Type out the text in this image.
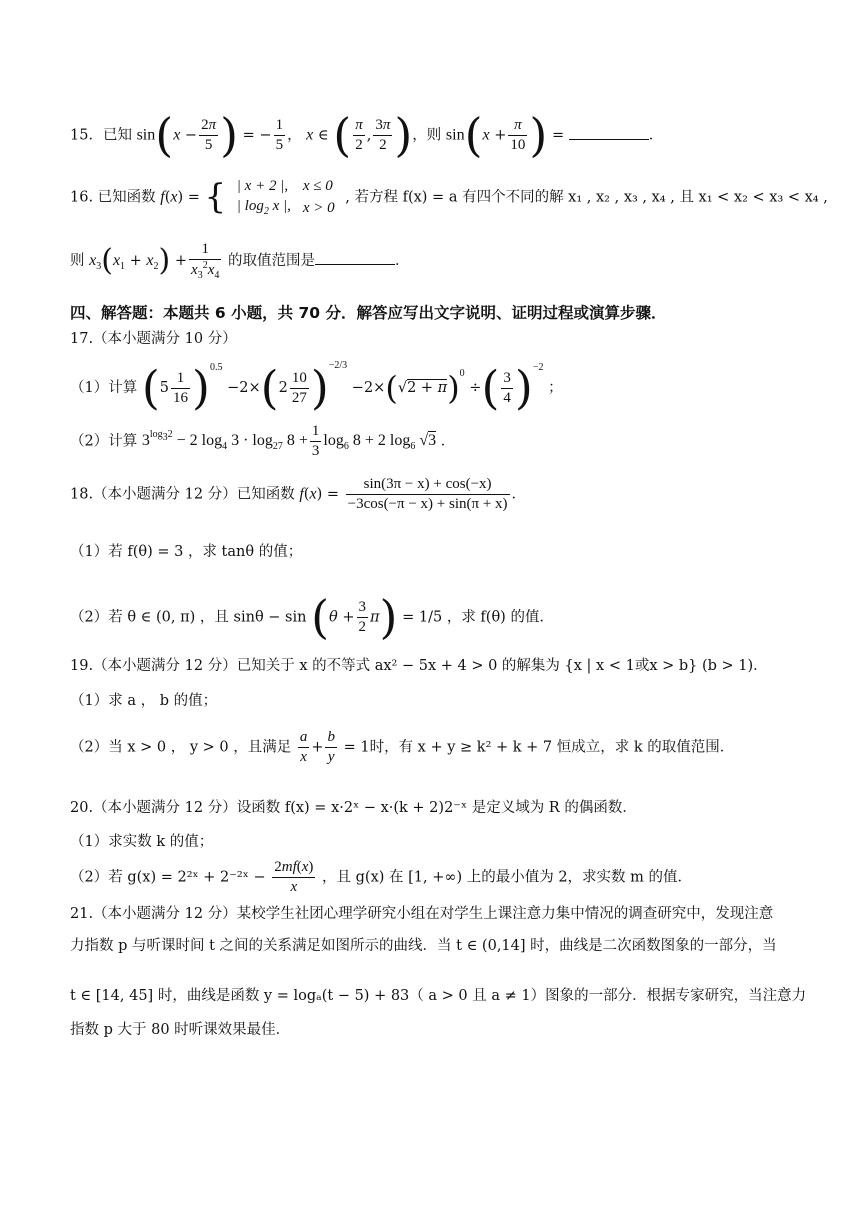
15．已知 $\sin(x - \frac{2\pi}{5}$ ) = − $\frac{1}{5}$ ， x ∈ ( $\frac{\pi}{2}$ , $\frac{3\pi}{2}$ )，则 $\sin(x + \frac{\pi}{10}$ ) =	．
16. 已知函数 f(x) = { | x + 2 |,	x ≤ 0
| $\log_2 x$ |,	x > 0
, 若方程 f(x) = a 有四个不同的解 x₁ , x₂ , x₃ , x₄ , 且 x₁ < x₂ < x₃ < x₄ ,
则 $x_3(x_1 + x_2) + \frac{1}{x_3^2x_4}$ 的取值范围是	．
四、解答题：本题共 6 小题，共 70 分．解答应写出文字说明、证明过程或演算步骤．
17.（本小题满分 10 分）
（1）计算 $(5 \frac{1}{16} )^{0.5} -2\times(2 \frac{10}{27} )^{-2/3} -2\times(√2 + \pi)^0$ ÷( $\frac{3}{4} )^{-2}$ ；
（2）计算 $3^{log_32} - 2$ $\log_4 3 \cdot \log_{27} 8 + \frac{1}{3} \log_6 8 + 2$ $\log_6 √3$ ．
18.（本小题满分 12 分）已知函数 $f(x) = \frac{\sin(3\pi - x) + \cos(-x)}{-3\cos(-\pi - x) + \sin(\pi + x)}$ ．
（1）若 f(θ) = 3 ，求 tanθ 的值；
（2）若 θ ∈ (0, π) ，且 $\sin\theta - \sin (\theta + \frac{3}{2} \pi) = 1/5$ ，求 f(θ) 的值．
19.（本小题满分 12 分）已知关于 x 的不等式 ax² − 5x + 4 > 0 的解集为 {x | x < 1或x > b} (b > 1)．
（1）求 a ， b 的值；
（2）当 x > 0 ， y > 0 ，且满足 $\frac{a}{x} + \frac{b}{y} = 1$时，有 x + y ≥ k² + k + 7 恒成立，求 k 的取值范围．
20.（本小题满分 12 分）设函数 f(x) = x·2ˣ − x·(k + 2)2⁻ˣ 是定义域为 R 的偶函数．
（1）求实数 k 的值；
（2）若 g(x) = 2²ˣ + 2⁻²ˣ − $\frac{2mf(x)}{x}$ ，且 g(x) 在 [1, +∞) 上的最小值为 2，求实数 m 的值．
21.（本小题满分 12 分）某校学生社团心理学研究小组在对学生上课注意力集中情况的调查研究中，发现注意
力指数 p 与听课时间 t 之间的关系满足如图所示的曲线．当 t ∈ (0,14] 时，曲线是二次函数图象的一部分，当
t ∈ [14, 45] 时，曲线是函数 y = logₐ(t − 5) + 83（ a > 0 且 a ≠ 1）图象的一部分．根据专家研究，当注意力
指数 p 大于 80 时听课效果最佳．
